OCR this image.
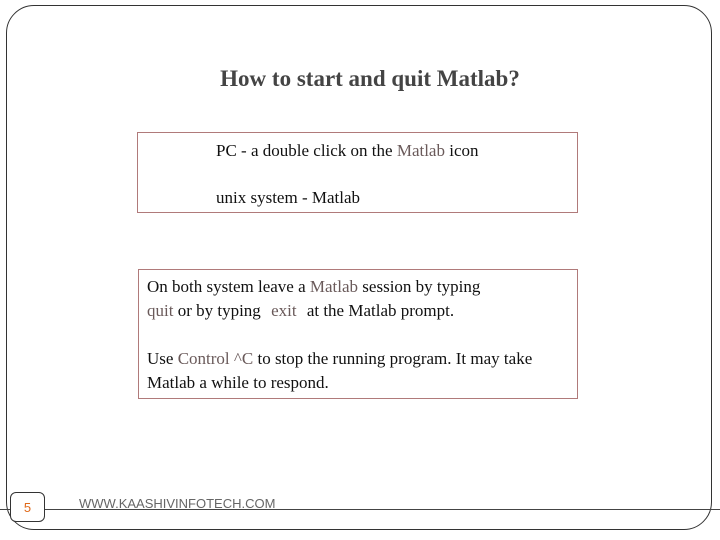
How to start and quit Matlab?
PC - a double click on the Matlab icon
unix system - Matlab

On both system leave a Matlab session by typing
quit or by typing exit at the Matlab prompt.

Use Control ^C to stop the running program. It may take Matlab a while to respond.

5	WWW.KAASHIVINFOTECH.COM
